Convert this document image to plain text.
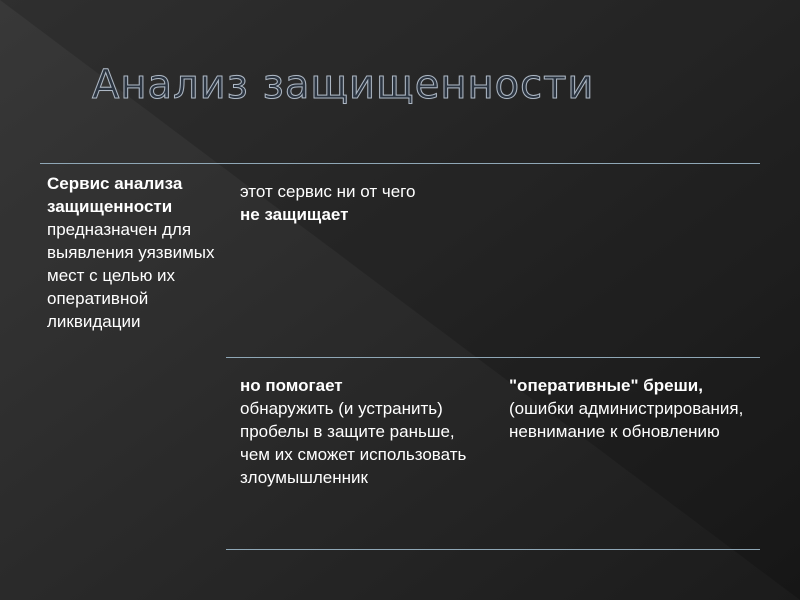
Анализ защищенности
Сервис анализа защищенности
предназначен для выявления уязвимых мест с целью их оперативной ликвидации
этот сервис ни от чего
не защищает
но помогает
обнаружить (и устранить) пробелы в защите раньше, чем их сможет использовать злоумышленник
"оперативные" бреши,
(ошибки администрирования, невнимание к обновлению
